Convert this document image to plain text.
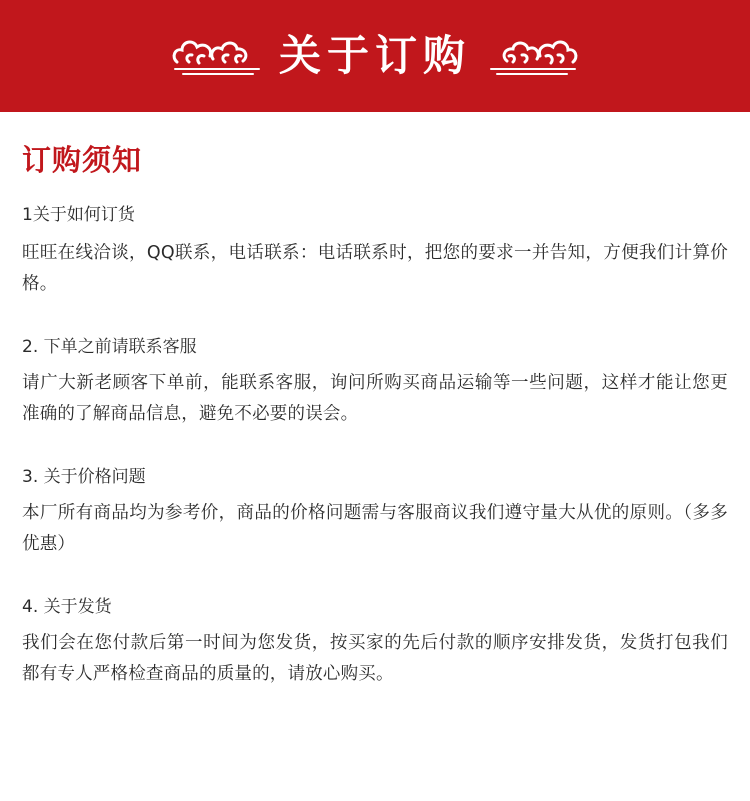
关于订购
订购须知
1关于如何订货
旺旺在线洽谈，QQ联系，电话联系：电话联系时，把您的要求一并告知，方便我们计算价格。
2. 下单之前请联系客服
请广大新老顾客下单前，能联系客服，询问所购买商品运输等一些问题，这样才能让您更准确的了解商品信息，避免不必要的误会。
3. 关于价格问题
本厂所有商品均为参考价，商品的价格问题需与客服商议我们遵守量大从优的原则。（多多优惠）
4. 关于发货
我们会在您付款后第一时间为您发货，按买家的先后付款的顺序安排发货，发货打包我们都有专人严格检查商品的质量的，请放心购买。
